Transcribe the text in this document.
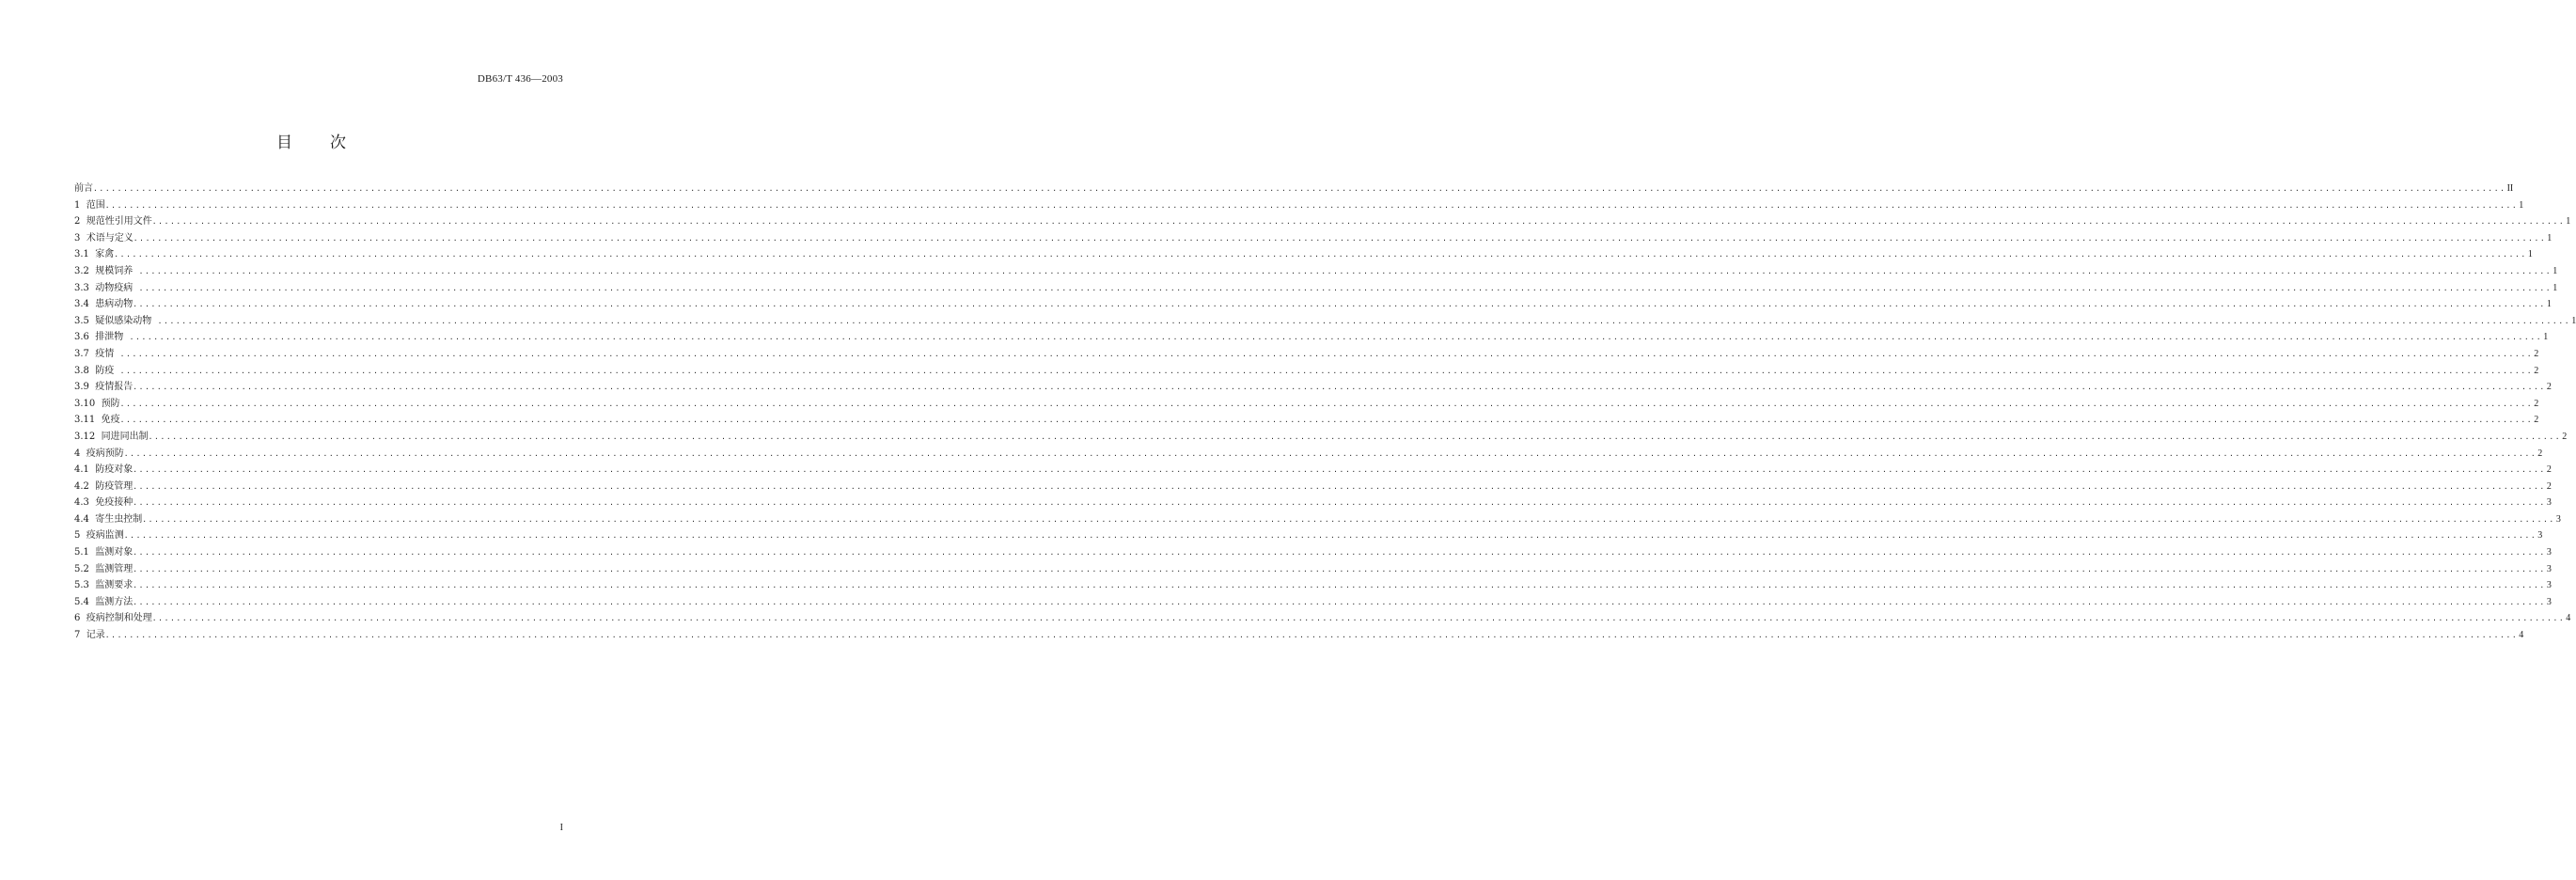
DB63/T 436—2003
目 次
前言 ................................................................................................................................................................................................................................................................................................................................................................................................................ II
1  范围 ................................................................................................................................................................................................................................................................................................................................................................................................................ 1
2  规范性引用文件 ................................................................................................................................................................................................................................................................................................................................................................................................................ 1
3  术语与定义 ................................................................................................................................................................................................................................................................................................................................................................................................................ 1
3.1  家禽 ................................................................................................................................................................................................................................................................................................................................................................................................................ 1
3.2  规模饲养 ................................................................................................................................................................................................................................................................................................................................................................................................................ 1
3.3  动物疫病 ................................................................................................................................................................................................................................................................................................................................................................................................................ 1
3.4  患病动物 ................................................................................................................................................................................................................................................................................................................................................................................................................ 1
3.5  疑似感染动物 ................................................................................................................................................................................................................................................................................................................................................................................................................ 1
3.6  排泄物 ................................................................................................................................................................................................................................................................................................................................................................................................................ 1
3.7  疫情 ................................................................................................................................................................................................................................................................................................................................................................................................................ 2
3.8  防疫 ................................................................................................................................................................................................................................................................................................................................................................................................................ 2
3.9  疫情报告 ................................................................................................................................................................................................................................................................................................................................................................................................................ 2
3.10  预防 ................................................................................................................................................................................................................................................................................................................................................................................................................ 2
3.11  免疫 ................................................................................................................................................................................................................................................................................................................................................................................................................ 2
3.12  同进同出制 ................................................................................................................................................................................................................................................................................................................................................................................................................ 2
4  疫病预防 ................................................................................................................................................................................................................................................................................................................................................................................................................ 2
4.1  防疫对象 ................................................................................................................................................................................................................................................................................................................................................................................................................ 2
4.2  防疫管理 ................................................................................................................................................................................................................................................................................................................................................................................................................ 2
4.3  免疫接种 ................................................................................................................................................................................................................................................................................................................................................................................................................ 3
4.4  寄生虫控制 ................................................................................................................................................................................................................................................................................................................................................................................................................ 3
5  疫病监测 ................................................................................................................................................................................................................................................................................................................................................................................................................ 3
5.1  监测对象 ................................................................................................................................................................................................................................................................................................................................................................................................................ 3
5.2  监测管理 ................................................................................................................................................................................................................................................................................................................................................................................................................ 3
5.3  监测要求 ................................................................................................................................................................................................................................................................................................................................................................................................................ 3
5.4  监测方法 ................................................................................................................................................................................................................................................................................................................................................................................................................ 3
6  疫病控制和处理 ................................................................................................................................................................................................................................................................................................................................................................................................................ 4
7  记录 ................................................................................................................................................................................................................................................................................................................................................................................................................ 4
I
